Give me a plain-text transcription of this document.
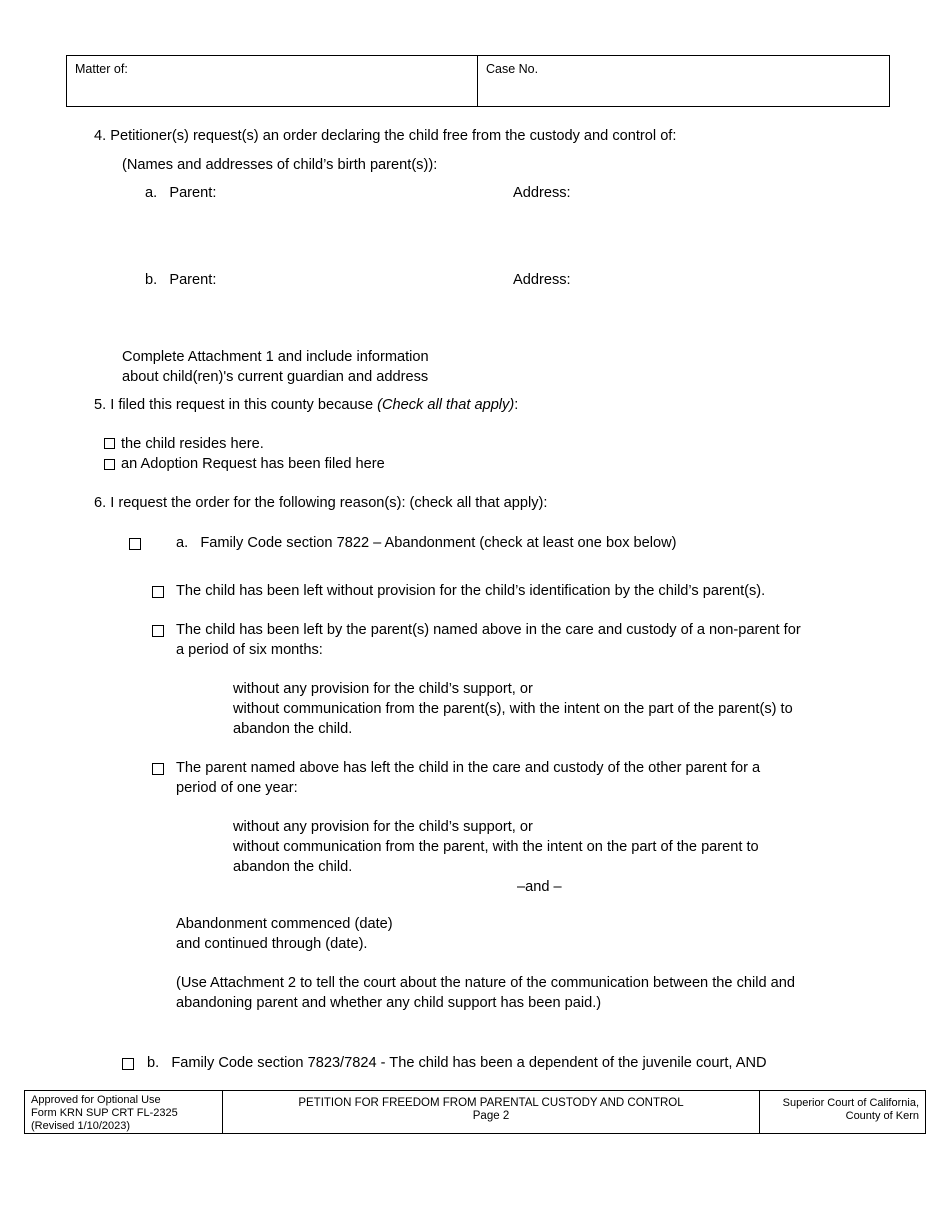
Matter of:	Case No.
4. Petitioner(s) request(s) an order declaring the child free from the custody and control of:
(Names and addresses of child’s birth parent(s)):
a.   Parent:	Address:
b.   Parent:	Address:
Complete Attachment 1 and include information
about child(ren)'s current guardian and address
5. I filed this request in this county because (Check all that apply):
the child resides here.
an Adoption Request has been filed here
6. I request the order for the following reason(s): (check all that apply):
a.   Family Code section 7822 – Abandonment (check at least one box below)
The child has been left without provision for the child’s identification by the child’s parent(s).
The child has been left by the parent(s) named above in the care and custody of a non-parent for
a period of six months:
without any provision for the child’s support, or
without communication from the parent(s), with the intent on the part of the parent(s) to
abandon the child.
The parent named above has left the child in the care and custody of the other parent for a
period of one year:
without any provision for the child’s support, or
without communication from the parent, with the intent on the part of the parent to
abandon the child.
–and –
Abandonment commenced (date)
and continued through (date).
(Use Attachment 2 to tell the court about the nature of the communication between the child and
abandoning parent and whether any child support has been paid.)
b.   Family Code section 7823/7824 - The child has been a dependent of the juvenile court, AND
Approved for Optional Use
Form KRN SUP CRT FL-2325
(Revised 1/10/2023)
PETITION FOR FREEDOM FROM PARENTAL CUSTODY AND CONTROL
Page 2
Superior Court of California,
County of Kern
